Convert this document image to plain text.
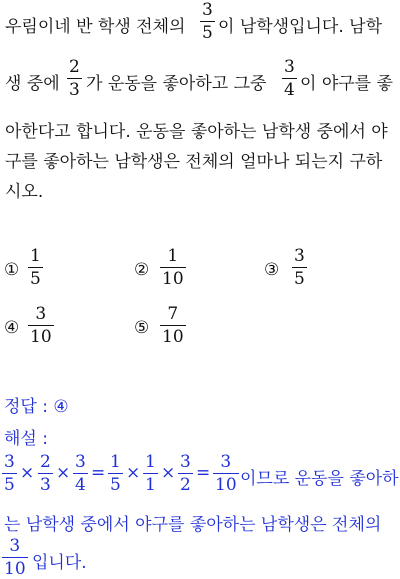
우림이네 반 학생 전체의
3
5 이 남학생입니다. 남학
생 중에
2
3 가 운동을 좋아하고 그중
3
4 이 야구를 좋
아한다고 합니다. 운동을 좋아하는 남학생 중에서 야
구를 좋아하는 남학생은 전체의 얼마나 되는지 구하
시오.
①
1
5	②
1
10	③
3
5
④
3
10	⑤
7
10
정답 : ④
해설 :
3
5
×
2
3
×
3
4
=
1
5
×
1
1
×
3
2
=
3
10 이므로 운동을 좋아하
는 남학생 중에서 야구를 좋아하는 남학생은 전체의
3
10 입니다.
